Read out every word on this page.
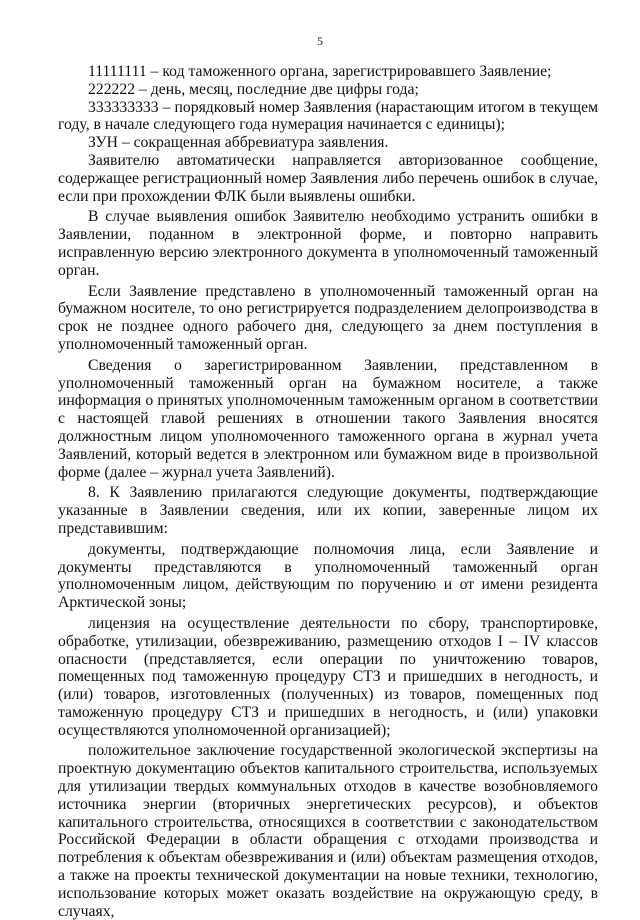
5

11111111 – код таможенного органа, зарегистрировавшего Заявление;

222222 – день, месяц, последние две цифры года;

333333333 – порядковый номер Заявления (нарастающим итогом в текущем году, в начале следующего года нумерация начинается с единицы);

ЗУН – сокращенная аббревиатура заявления.

Заявителю автоматически направляется авторизованное сообщение, содержащее регистрационный номер Заявления либо перечень ошибок в случае, если при прохождении ФЛК были выявлены ошибки.

В случае выявления ошибок Заявителю необходимо устранить ошибки в Заявлении, поданном в электронной форме, и повторно направить исправленную версию электронного документа в уполномоченный таможенный орган.

Если Заявление представлено в уполномоченный таможенный орган на бумажном носителе, то оно регистрируется подразделением делопроизводства в срок не позднее одного рабочего дня, следующего за днем поступления в уполномоченный таможенный орган.

Сведения о зарегистрированном Заявлении, представленном в уполномоченный таможенный орган на бумажном носителе, а также информация о принятых уполномоченным таможенным органом в соответствии с настоящей главой решениях в отношении такого Заявления вносятся должностным лицом уполномоченного таможенного органа в журнал учета Заявлений, который ведется в электронном или бумажном виде в произвольной форме (далее – журнал учета Заявлений).

8. К Заявлению прилагаются следующие документы, подтверждающие указанные в Заявлении сведения, или их копии, заверенные лицом их представившим:

документы, подтверждающие полномочия лица, если Заявление и документы представляются в уполномоченный таможенный орган уполномоченным лицом, действующим по поручению и от имени резидента Арктической зоны;

лицензия на осуществление деятельности по сбору, транспортировке, обработке, утилизации, обезвреживанию, размещению отходов I – IV классов опасности (представляется, если операции по уничтожению товаров, помещенных под таможенную процедуру СТЗ и пришедших в негодность, и (или) товаров, изготовленных (полученных) из товаров, помещенных под таможенную процедуру СТЗ и пришедших в негодность, и (или) упаковки осуществляются уполномоченной организацией);

положительное заключение государственной экологической экспертизы на проектную документацию объектов капитального строительства, используемых для утилизации твердых коммунальных отходов в качестве возобновляемого источника энергии (вторичных энергетических ресурсов), и объектов капитального строительства, относящихся в соответствии с законодательством Российской Федерации в области обращения с отходами производства и потребления к объектам обезвреживания и (или) объектам размещения отходов, а также на проекты технической документации на новые техники, технологию, использование которых может оказать воздействие на окружающую среду, в случаях,
